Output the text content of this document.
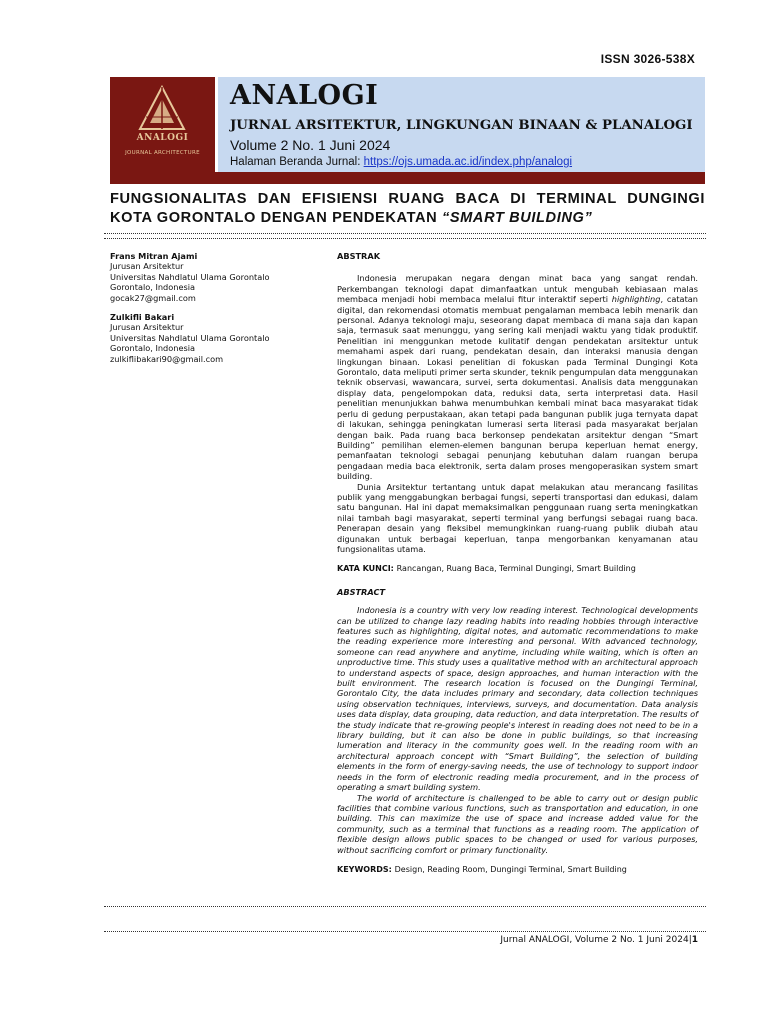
ISSN 3026-538X
ANALOGI
JOURNAL ARCHITECTURE
ANALOGI
JURNAL ARSITEKTUR, LINGKUNGAN BINAAN & PLANALOGI
Volume 2 No. 1 Juni 2024
Halaman Beranda Jurnal: https://ojs.umada.ac.id/index.php/analogi
FUNGSIONALITAS DAN EFISIENSI RUANG BACA DI TERMINAL DUNGINGI
KOTA GORONTALO DENGAN PENDEKATAN “SMART BUILDING”
Frans Mitran Ajami
Jurusan Arsitektur
Universitas Nahdlatul Ulama Gorontalo
Gorontalo, Indonesia
gocak27@gmail.com
Zulkifli Bakari
Jurusan Arsitektur
Universitas Nahdlatul Ulama Gorontalo
Gorontalo, Indonesia
zulkiflibakari90@gmail.com
ABSTRAK

Indonesia merupakan negara dengan minat baca yang sangat rendah. Perkembangan teknologi dapat dimanfaatkan untuk mengubah kebiasaan malas membaca menjadi hobi membaca melalui fitur interaktif seperti highlighting, catatan digital, dan rekomendasi otomatis membuat pengalaman membaca lebih menarik dan personal. Adanya teknologi maju, seseorang dapat membaca di mana saja dan kapan saja, termasuk saat menunggu, yang sering kali menjadi waktu yang tidak produktif. Penelitian ini menggunkan metode kulitatif dengan pendekatan arsitektur untuk memahami aspek dari ruang, pendekatan desain, dan interaksi manusia dengan lingkungan binaan. Lokasi penelitian di fokuskan pada Terminal Dungingi Kota Gorontalo, data meliputi primer serta skunder, teknik pengumpulan data menggunakan teknik observasi, wawancara, survei, serta dokumentasi. Analisis data menggunakan display data, pengelompokan data, reduksi data, serta interpretasi data. Hasil penelitian menunjukkan bahwa menumbuhkan kembali minat baca masyarakat tidak perlu di gedung perpustakaan, akan tetapi pada bangunan publik juga ternyata dapat di lakukan, sehingga peningkatan lumerasi serta literasi pada masyarakat berjalan dengan baik. Pada ruang baca berkonsep pendekatan arsitektur dengan “Smart Building” pemilihan elemen-elemen bangunan berupa keperluan hemat energy, pemanfaatan teknologi sebagai penunjang kebutuhan dalam ruangan berupa pengadaan media baca elektronik, serta dalam proses mengoperasikan system smart building.

Dunia Arsitektur tertantang untuk dapat melakukan atau merancang fasilitas publik yang menggabungkan berbagai fungsi, seperti transportasi dan edukasi, dalam satu bangunan. Hal ini dapat memaksimalkan penggunaan ruang serta meningkatkan nilai tambah bagi masyarakat, seperti terminal yang berfungsi sebagai ruang baca. Penerapan desain yang fleksibel memungkinkan ruang-ruang publik diubah atau digunakan untuk berbagai keperluan, tanpa mengorbankan kenyamanan atau fungsionalitas utama.

KATA KUNCI: Rancangan, Ruang Baca, Terminal Dungingi, Smart Building
ABSTRACT

Indonesia is a country with very low reading interest. Technological developments can be utilized to change lazy reading habits into reading hobbies through interactive features such as highlighting, digital notes, and automatic recommendations to make the reading experience more interesting and personal. With advanced technology, someone can read anywhere and anytime, including while waiting, which is often an unproductive time. This study uses a qualitative method with an architectural approach to understand aspects of space, design approaches, and human interaction with the built environment. The research location is focused on the Dungingi Terminal, Gorontalo City, the data includes primary and secondary, data collection techniques using observation techniques, interviews, surveys, and documentation. Data analysis uses data display, data grouping, data reduction, and data interpretation. The results of the study indicate that re-growing people's interest in reading does not need to be in a library building, but it can also be done in public buildings, so that increasing lumeration and literacy in the community goes well. In the reading room with an architectural approach concept with “Smart Building”, the selection of building elements in the form of energy-saving needs, the use of technology to support indoor needs in the form of electronic reading media procurement, and in the process of operating a smart building system.

The world of architecture is challenged to be able to carry out or design public facilities that combine various functions, such as transportation and education, in one building. This can maximize the use of space and increase added value for the community, such as a terminal that functions as a reading room. The application of flexible design allows public spaces to be changed or used for various purposes, without sacrificing comfort or primary functionality.

KEYWORDS: Design, Reading Room, Dungingi Terminal, Smart Building
Jurnal ANALOGI, Volume 2 No. 1 Juni 2024|1
